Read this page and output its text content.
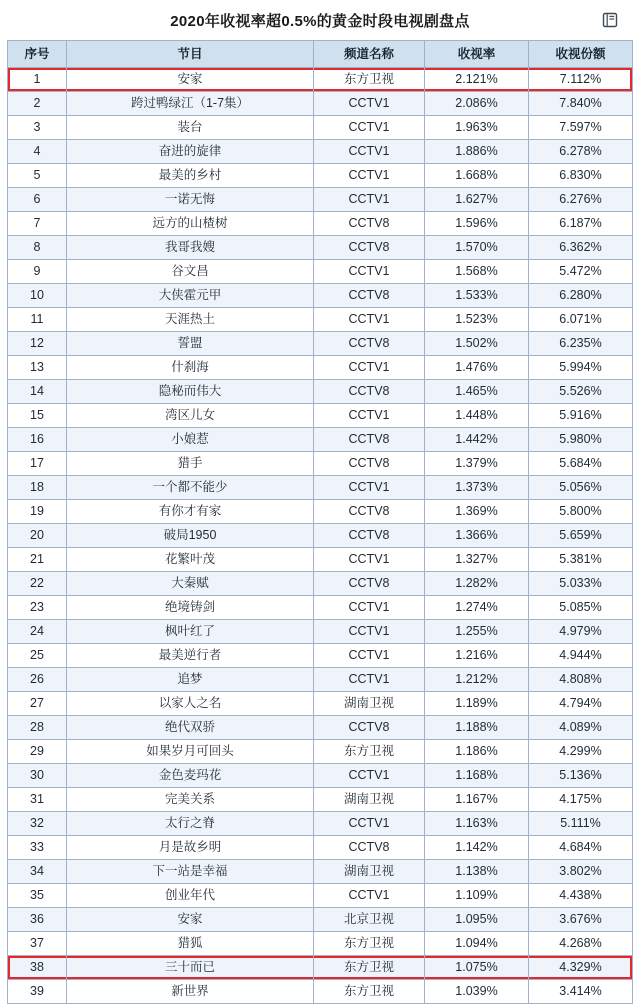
2020年收视率超0.5%的黄金时段电视剧盘点
序号	节目	频道名称	收视率	收视份额
1	安家	东方卫视	2.121%	7.112%
2	跨过鸭绿江（1-7集）	CCTV1	2.086%	7.840%
3	装台	CCTV1	1.963%	7.597%
4	奋进的旋律	CCTV1	1.886%	6.278%
5	最美的乡村	CCTV1	1.668%	6.830%
6	一诺无悔	CCTV1	1.627%	6.276%
7	远方的山楂树	CCTV8	1.596%	6.187%
8	我哥我嫂	CCTV8	1.570%	6.362%
9	谷文昌	CCTV1	1.568%	5.472%
10	大侠霍元甲	CCTV8	1.533%	6.280%
11	天涯热土	CCTV1	1.523%	6.071%
12	誓盟	CCTV8	1.502%	6.235%
13	什刹海	CCTV1	1.476%	5.994%
14	隐秘而伟大	CCTV8	1.465%	5.526%
15	湾区儿女	CCTV1	1.448%	5.916%
16	小娘惹	CCTV8	1.442%	5.980%
17	猎手	CCTV8	1.379%	5.684%
18	一个都不能少	CCTV1	1.373%	5.056%
19	有你才有家	CCTV8	1.369%	5.800%
20	破局1950	CCTV8	1.366%	5.659%
21	花繁叶茂	CCTV1	1.327%	5.381%
22	大秦赋	CCTV8	1.282%	5.033%
23	绝境铸剑	CCTV1	1.274%	5.085%
24	枫叶红了	CCTV1	1.255%	4.979%
25	最美逆行者	CCTV1	1.216%	4.944%
26	追梦	CCTV1	1.212%	4.808%
27	以家人之名	湖南卫视	1.189%	4.794%
28	绝代双骄	CCTV8	1.188%	4.089%
29	如果岁月可回头	东方卫视	1.186%	4.299%
30	金色麦玛花	CCTV1	1.168%	5.136%
31	完美关系	湖南卫视	1.167%	4.175%
32	太行之脊	CCTV1	1.163%	5.111%
33	月是故乡明	CCTV8	1.142%	4.684%
34	下一站是幸福	湖南卫视	1.138%	3.802%
35	创业年代	CCTV1	1.109%	4.438%
36	安家	北京卫视	1.095%	3.676%
37	猎狐	东方卫视	1.094%	4.268%
38	三十而已	东方卫视	1.075%	4.329%
39	新世界	东方卫视	1.039%	3.414%
